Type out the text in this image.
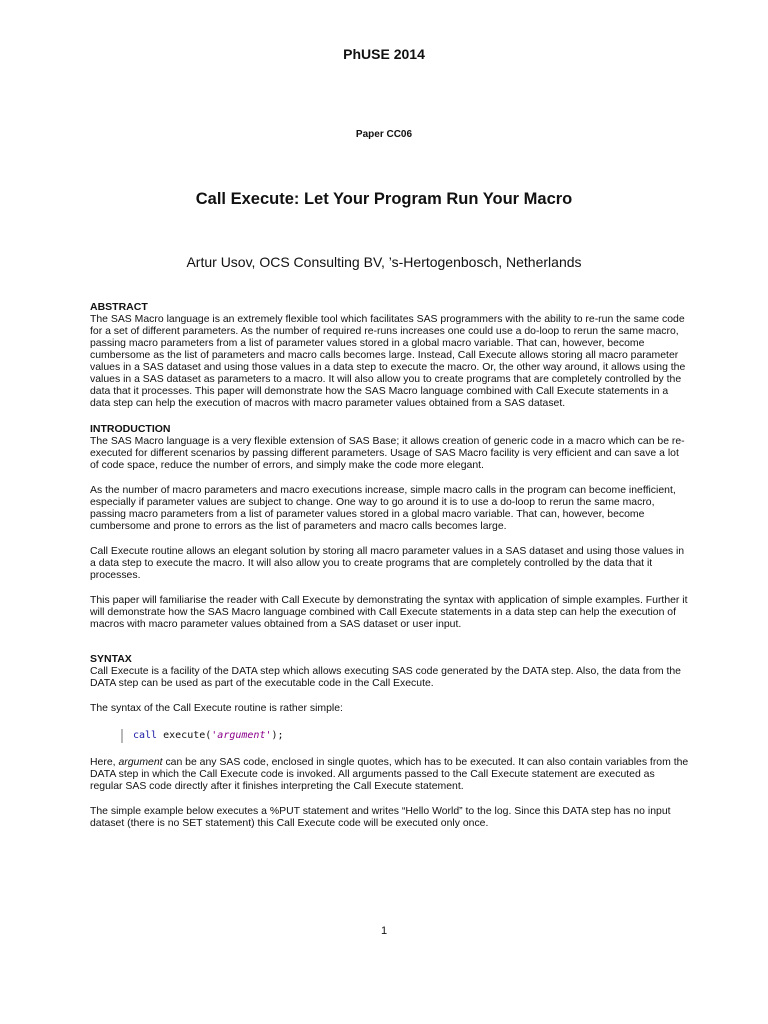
PhUSE 2014
Paper CC06
Call Execute: Let Your Program Run Your Macro
Artur Usov, OCS Consulting BV, ’s-Hertogenbosch, Netherlands

ABSTRACT

The SAS Macro language is an extremely flexible tool which facilitates SAS programmers with the ability to re-run the same code for a set of different parameters. As the number of required re-runs increases one could use a do-loop to rerun the same macro, passing macro parameters from a list of parameter values stored in a global macro variable. That can, however, become cumbersome as the list of parameters and macro calls becomes large. Instead, Call Execute allows storing all macro parameter values in a SAS dataset and using those values in a data step to execute the macro. Or, the other way around, it allows using the values in a SAS dataset as parameters to a macro. It will also allow you to create programs that are completely controlled by the data that it processes. This paper will demonstrate how the SAS Macro language combined with Call Execute statements in a data step can help the execution of macros with macro parameter values obtained from a SAS dataset.

INTRODUCTION

The SAS Macro language is a very flexible extension of SAS Base; it allows creation of generic code in a macro which can be re-executed for different scenarios by passing different parameters. Usage of SAS Macro facility is very efficient and can save a lot of code space, reduce the number of errors, and simply make the code more elegant.

As the number of macro parameters and macro executions increase, simple macro calls in the program can become inefficient, especially if parameter values are subject to change. One way to go around it is to use a do-loop to rerun the same macro, passing macro parameters from a list of parameter values stored in a global macro variable. That can, however, become cumbersome and prone to errors as the list of parameters and macro calls becomes large.

Call Execute routine allows an elegant solution by storing all macro parameter values in a SAS dataset and using those values in a data step to execute the macro. It will also allow you to create programs that are completely controlled by the data that it processes.

This paper will familiarise the reader with Call Execute by demonstrating the syntax with application of simple examples. Further it will demonstrate how the SAS Macro language combined with Call Execute statements in a data step can help the execution of macros with macro parameter values obtained from a SAS dataset or user input.

SYNTAX

Call Execute is a facility of the DATA step which allows executing SAS code generated by the DATA step. Also, the data from the DATA step can be used as part of the executable code in the Call Execute.

The syntax of the Call Execute routine is rather simple:

call execute('argument');

Here, argument can be any SAS code, enclosed in single quotes, which has to be executed. It can also contain variables from the DATA step in which the Call Execute code is invoked. All arguments passed to the Call Execute statement are executed as regular SAS code directly after it finishes interpreting the Call Execute statement.

The simple example below executes a %PUT statement and writes “Hello World” to the log. Since this DATA step has no input dataset (there is no SET statement) this Call Execute code will be executed only once.

1
